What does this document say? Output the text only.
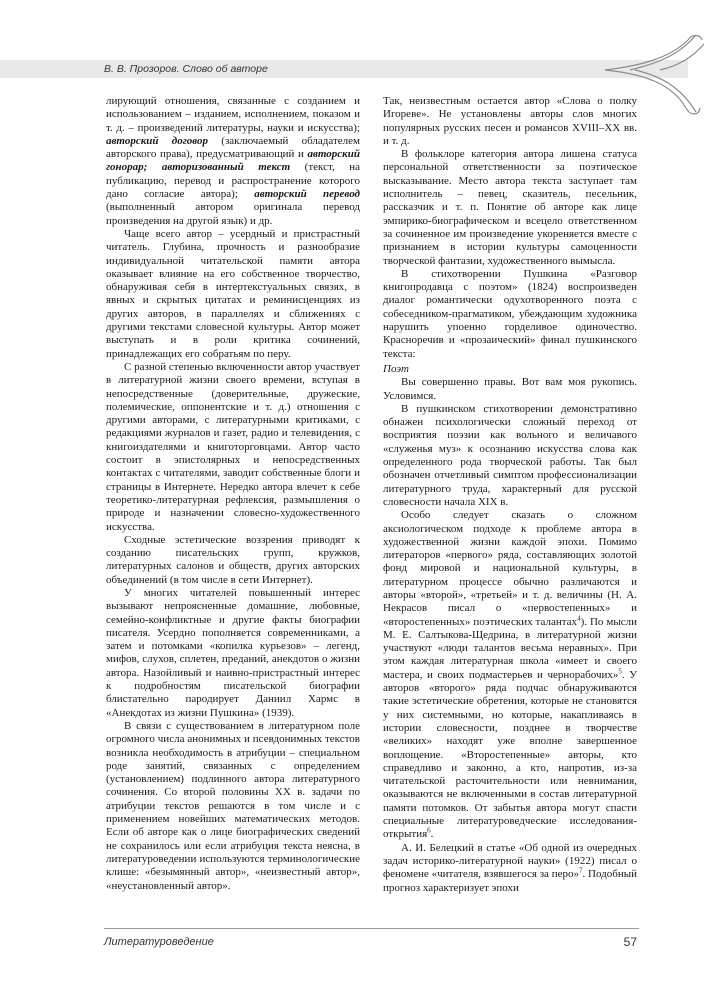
В. В. Прозоров. Слово об авторе

лирующий отношения, связанные с созданием и использованием – изданием, исполнением, показом и т. д. – произведений литературы, науки и искусства); авторский договор (заключаемый обладателем авторского права), предусматривающий и авторский гонорар; авторизованный текст (текст, на публикацию, перевод и распространение которого дано согласие автора); авторский перевод (выполненный автором оригинала перевод произведения на другой язык) и др.

Чаще всего автор – усердный и пристрастный читатель. Глубина, прочность и разнообразие индивидуальной читательской памяти автора оказывает влияние на его собственное творчество, обнаруживая себя в интертекстуальных связях, в явных и скрытых цитатах и реминисценциях из других авторов, в параллелях и сближениях с другими текстами словесной культуры. Автор может выступать и в роли критика сочинений, принадлежащих его собратьям по перу.

С разной степенью включенности автор участвует в литературной жизни своего времени, вступая в непосредственные (доверительные, дружеские, полемические, оппонентские и т. д.) отношения с другими авторами, с литературными критиками, с редакциями журналов и газет, радио и телевидения, с книгоиздателями и книготорговцами. Автор часто состоит в эпистолярных и непосредственных контактах с читателями, заводит собственные блоги и страницы в Интернете. Нередко автора влечет к себе теоретико-литературная рефлексия, размышления о природе и назначении словесно-художественного искусства.

Сходные эстетические воззрения приводят к созданию писательских групп, кружков, литературных салонов и обществ, других авторских объединений (в том числе в сети Интернет).

У многих читателей повышенный интерес вызывают непроясненные домашние, любовные, семейно-конфликтные и другие факты биографии писателя. Усердно пополняется современниками, а затем и потомками «копилка курьезов» – легенд, мифов, слухов, сплетен, преданий, анекдотов о жизни автора. Назойливый и наивно-пристрастный интерес к подробностям писательской биографии блистательно пародирует Даниил Хармс в «Анекдотах из жизни Пушкина» (1939).

В связи с существованием в литературном поле огромного числа анонимных и псевдонимных текстов возникла необходимость в атрибуции – специальном роде занятий, связанных с определением (установлением) подлинного автора литературного сочинения. Со второй половины XX в. задачи по атрибуции текстов решаются в том числе и с применением новейших математических методов. Если об авторе как о лице биографических сведений не сохранилось или если атрибуция текста неясна, в литературоведении используются терминологические клише: «безымянный автор», «неизвестный автор», «неустановленный автор».

Так, неизвестным остается автор «Слова о полку Игореве». Не установлены авторы слов многих популярных русских песен и романсов XVIII–XX вв. и т. д.

В фольклоре категория автора лишена статуса персональной ответственности за поэтическое высказывание. Место автора текста заступает там исполнитель – певец, сказитель, песельник, рассказчик и т. п. Понятие об авторе как лице эмпирико-биографическом и всецело ответственном за сочиненное им произведение укореняется вместе с признанием в истории культуры самоценности творческой фантазии, художественного вымысла.

В стихотворении Пушкина «Разговор книгопродавца с поэтом» (1824) воспроизведен диалог романтически одухотворенного поэта с собеседником-прагматиком, убеждающим художника нарушить упоенно горделивое одиночество. Красноречив и «прозаический» финал пушкинского текста:

Поэт

Вы совершенно правы. Вот вам моя рукопись. Условимся.

В пушкинском стихотворении демонстративно обнажен психологически сложный переход от восприятия поэзии как вольного и величавого «служенья муз» к осознанию искусства слова как определенного рода творческой работы. Так был обозначен отчетливый симптом профессионализации литературного труда, характерный для русской словесности начала XIX в.

Особо следует сказать о сложном аксиологическом подходе к проблеме автора в художественной жизни каждой эпохи. Помимо литераторов «первого» ряда, составляющих золотой фонд мировой и национальной культуры, в литературном процессе обычно различаются и авторы «второй», «третьей» и т. д. величины (Н. А. Некрасов писал о «первостепенных» и «второстепенных» поэтических талантах$^4$). По мысли М. Е. Салтыкова-Щедрина, в литературной жизни участвуют «люди талантов весьма неравных». При этом каждая литературная школа «имеет и своего мастера, и своих подмастерьев и чернорабочих»$^5$. У авторов «второго» ряда подчас обнаруживаются такие эстетические обретения, которые не становятся у них системными, но которые, накапливаясь в истории словесности, позднее в творчестве «великих» находят уже вполне завершенное воплощение. «Второстепенные» авторы, кто справедливо и законно, а кто, напротив, из-за читательской расточительности или невнимания, оказываются не включенными в состав литературной памяти потомков. От забытья автора могут спасти специальные литературоведческие исследования-открытия$^6$.

А. И. Белецкий в статье «Об одной из очередных задач историко-литературной науки» (1922) писал о феномене «читателя, взявшегося за перо»$^7$. Подобный прогноз характеризует эпохи

Литературоведение	57
